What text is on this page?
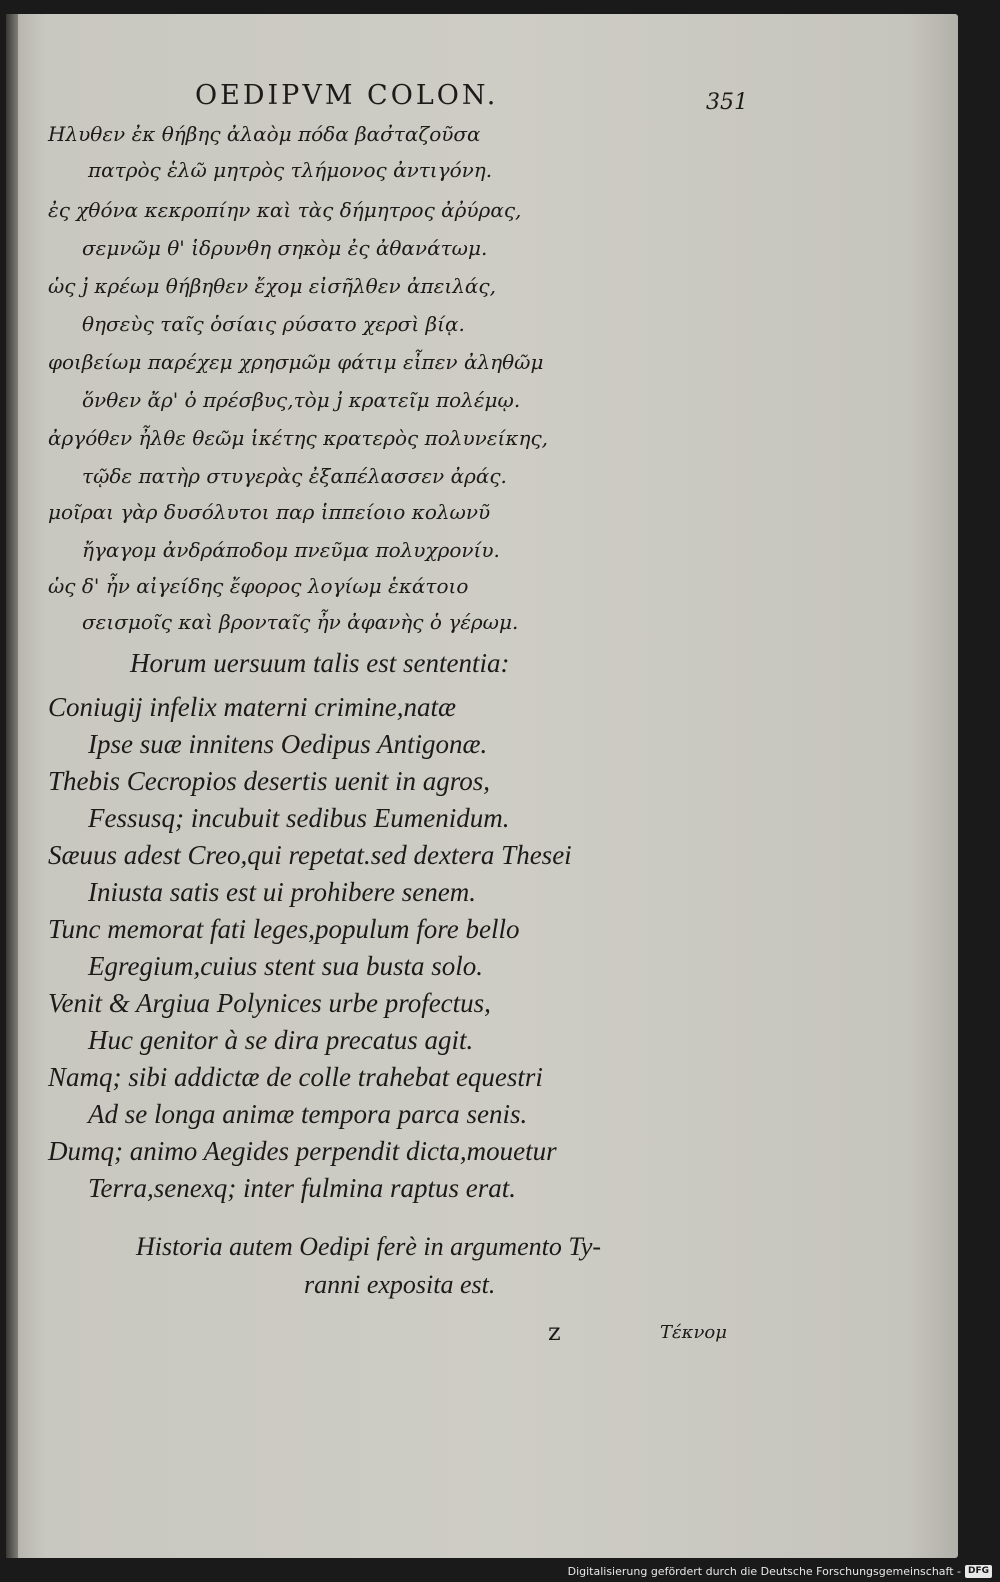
OEDIPVM COLON.	351
Ηλυθεν ἐκ θήβης ἀλαὸμ πόδα βασ̓ταζοῦσα
πατρὸς ἑλῶ μητρὸς τλήμονος ἀντιγόνη.
ἐς χθόνα κεκροπίην καὶ τὰς δήμητρος ἀῤύρας,
σεμνῶμ θ' ἱδρυνθη σηκὸμ ἐς ἀθανάτωμ.
ὡς ϳ̓ κρέωμ θήβηθεν ἔχομ εἰσῆλθεν ἀπειλάς,
θησεὺς ταῖς ὁσίαις ρύσατο χερσὶ βίᾳ.
φοιβείωμ παρέχεμ χρησμῶμ φάτιμ εἶπεν ἀληθῶμ
ὅνθεν ἄρ' ὁ πρέσβυς,τὸμ ϳ̓ κρατεῖμ πολέμῳ.
ἀργόθεν ἦλθε θεῶμ ἱκέτης κρατερὸς πολυνείκης,
τῷδε πατὴρ στυγερὰς ἐξαπέλασσεν ἀράς.
μοῖραι γὰρ δυσόλυτοι παρ ἱππείοιο κολωνῦ
ἤγαγομ ἀνδράποδομ πνεῦμα πολυχρονίυ.
ὡς δ' ἦν αἰγείδης ἔφορος λογίωμ ἑκάτοιο
σεισμοῖς καὶ βρονταῖς ἦν ἀφανὴς ὁ γέρωμ.
Horum uersuum talis est sententia:
Coniugij infelix materni crimine,natæ
Ipse suæ innitens Oedipus Antigonæ.
Thebis Cecropios desertis uenit in agros,
Fessusq; incubuit sedibus Eumenidum.
Sæuus adest Creo,qui repetat.sed dextera Thesei
Iniusta satis est ui prohibere senem.
Tunc memorat fati leges,populum fore bello
Egregium,cuius stent sua busta solo.
Venit & Argiua Polynices urbe profectus,
Huc genitor à se dira precatus agit.
Namq; sibi addictæ de colle trahebat equestri
Ad se longa animæ tempora parca senis.
Dumq; animo Aegides perpendit dicta,mouetur
Terra,senexq; inter fulmina raptus erat.
Historia autem Oedipi ferè in argumento Ty-
ranni exposita est.
z	Τέκνομ
Digitalisierung gefördert durch die Deutsche Forschungsgemeinschaft - DFG
